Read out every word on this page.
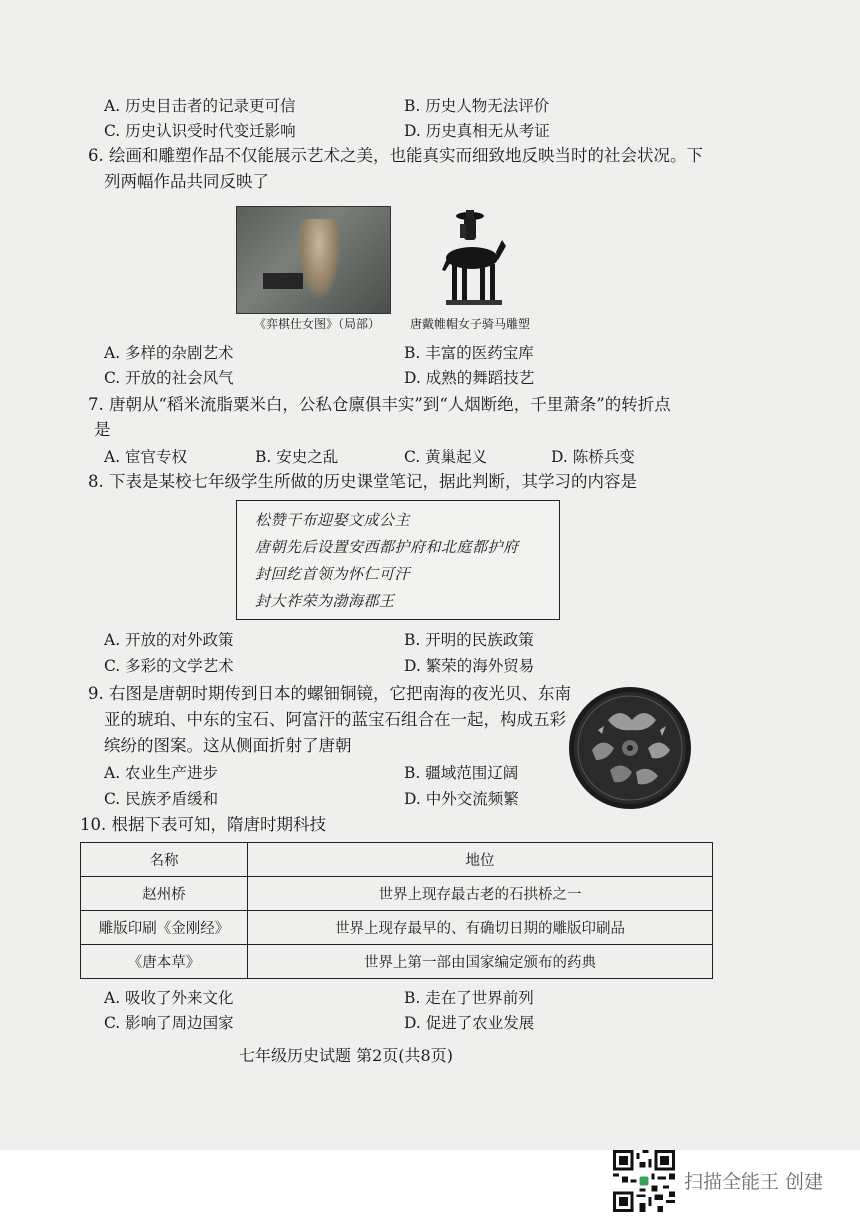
A. 历史目击者的记录更可信	B. 历史人物无法评价
C. 历史认识受时代变迁影响	D. 历史真相无从考证
6. 绘画和雕塑作品不仅能展示艺术之美，也能真实而细致地反映当时的社会状况。下
列两幅作品共同反映了
《弈棋仕女图》（局部） 唐戴帷帽女子骑马雕塑
A. 多样的杂剧艺术	B. 丰富的医药宝库
C. 开放的社会风气	D. 成熟的舞蹈技艺
7. 唐朝从“稻米流脂粟米白，公私仓廪俱丰实”到“人烟断绝，千里萧条”的转折点
是
A. 宦官专权	B. 安史之乱	C. 黄巢起义	D. 陈桥兵变
8. 下表是某校七年级学生所做的历史课堂笔记，据此判断，其学习的内容是
松赞干布迎娶文成公主
唐朝先后设置安西都护府和北庭都护府
封回纥首领为怀仁可汗
封大祚荣为渤海郡王
A. 开放的对外政策	B. 开明的民族政策
C. 多彩的文学艺术	D. 繁荣的海外贸易
9. 右图是唐朝时期传到日本的螺钿铜镜，它把南海的夜光贝、东南
亚的琥珀、中东的宝石、阿富汗的蓝宝石组合在一起，构成五彩
缤纷的图案。这从侧面折射了唐朝
A. 农业生产进步	B. 疆域范围辽阔
C. 民族矛盾缓和	D. 中外交流频繁
10. 根据下表可知，隋唐时期科技
名称	地位
赵州桥	世界上现存最古老的石拱桥之一
雕版印刷《金刚经》	世界上现存最早的、有确切日期的雕版印刷品
《唐本草》	世界上第一部由国家编定颁布的药典
A. 吸收了外来文化	B. 走在了世界前列
C. 影响了周边国家	D. 促进了农业发展
七年级历史试题 第2页(共8页)
扫描全能王 创建
